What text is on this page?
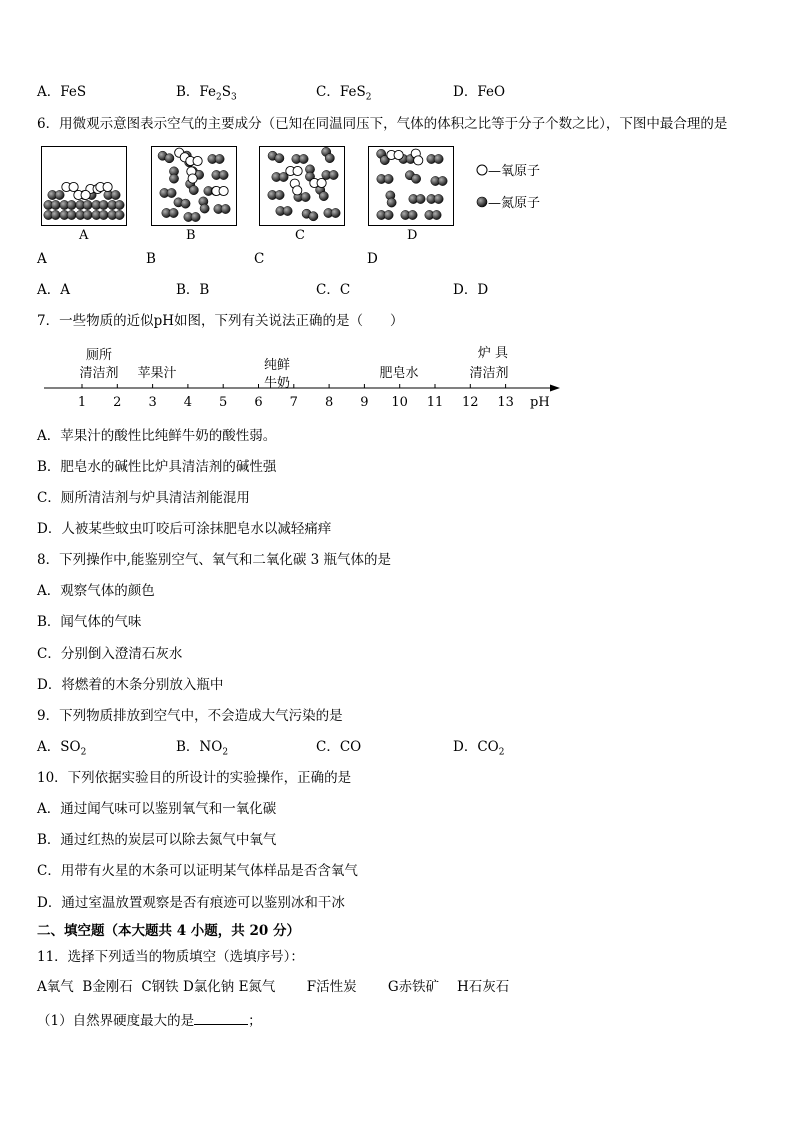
A．FeS	B．$Fe_2S_3$	C．FeS$_2$	D．FeO
6．用微观示意图表示空气的主要成分（已知在同温同压下，气体的体积之比等于分子个数之比），下图中最合理的是
A	B	C	D
—氧原子
—氮原子
A	B	C	D
A．A	B．B	C．C	D．D
7．一些物质的近似pH如图，下列有关说法正确的是（　　）
厕所
清洁剂	苹果汁
纯鲜
牛奶
肥皂水
炉 具
清洁剂
1	2	3	4	5	6	7	8	9	10 11 12 13 pH
A．苹果汁的酸性比纯鲜牛奶的酸性弱。
B．肥皂水的碱性比炉具清洁剂的碱性强
C．厕所清洁剂与炉具清洁剂能混用
D．人被某些蚊虫叮咬后可涂抹肥皂水以减轻痛痒
8．下列操作中,能鉴别空气、氧气和二氧化碳 3 瓶气体的是
A．观察气体的颜色
B．闻气体的气味
C．分别倒入澄清石灰水
D．将燃着的木条分别放入瓶中
9．下列物质排放到空气中，不会造成大气污染的是
A．$SO_2$	B．$NO_2$	C．CO	D．$CO_2$
10．下列依据实验目的所设计的实验操作，正确的是
A．通过闻气味可以鉴别氧气和一氧化碳
B．通过红热的炭层可以除去氮气中氧气
C．用带有火星的木条可以证明某气体样品是否含氧气
D．通过室温放置观察是否有痕迹可以鉴别冰和干冰
二、填空题（本大题共 4 小题，共 20 分）
11．选择下列适当的物质填空（选填序号）：
A氧气  B金刚石  C钢铁 D氯化钠 E氮气　 　F活性炭　　 G赤铁矿　 H石灰石
（1）自然界硬度最大的是	；
